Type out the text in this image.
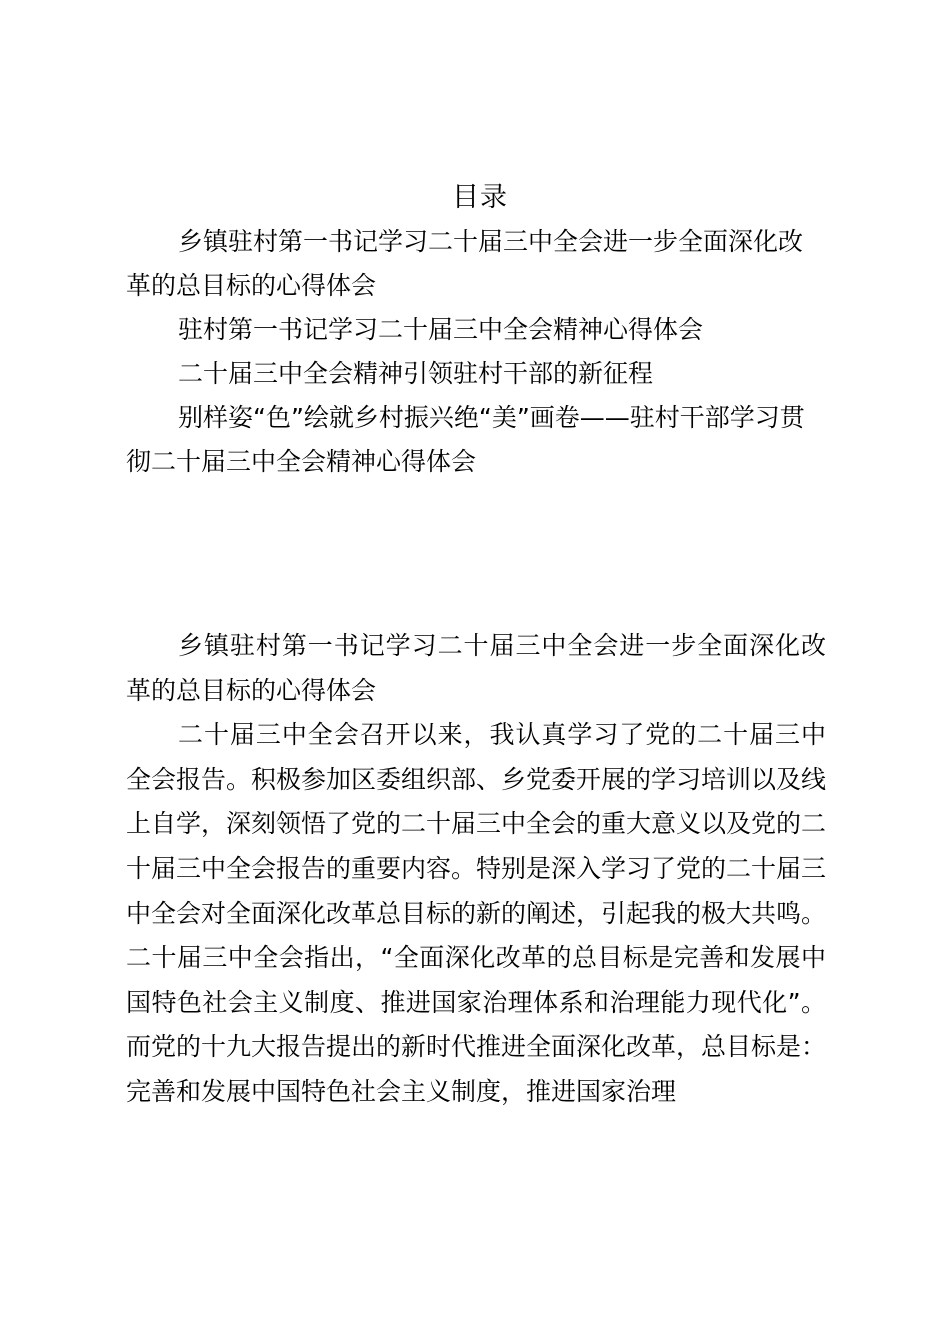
目录

乡镇驻村第一书记学习二十届三中全会进一步全面深化改革的总目标的心得体会

驻村第一书记学习二十届三中全会精神心得体会

二十届三中全会精神引领驻村干部的新征程

别样姿“色”绘就乡村振兴绝“美”画卷——驻村干部学习贯彻二十届三中全会精神心得体会

乡镇驻村第一书记学习二十届三中全会进一步全面深化改革的总目标的心得体会

二十届三中全会召开以来，我认真学习了党的二十届三中全会报告。积极参加区委组织部、乡党委开展的学习培训以及线上自学，深刻领悟了党的二十届三中全会的重大意义以及党的二十届三中全会报告的重要内容。特别是深入学习了党的二十届三中全会对全面深化改革总目标的新的阐述，引起我的极大共鸣。二十届三中全会指出，“全面深化改革的总目标是完善和发展中国特色社会主义制度、推进国家治理体系和治理能力现代化”。而党的十九大报告提出的新时代推进全面深化改革，总目标是：完善和发展中国特色社会主义制度，推进国家治理
